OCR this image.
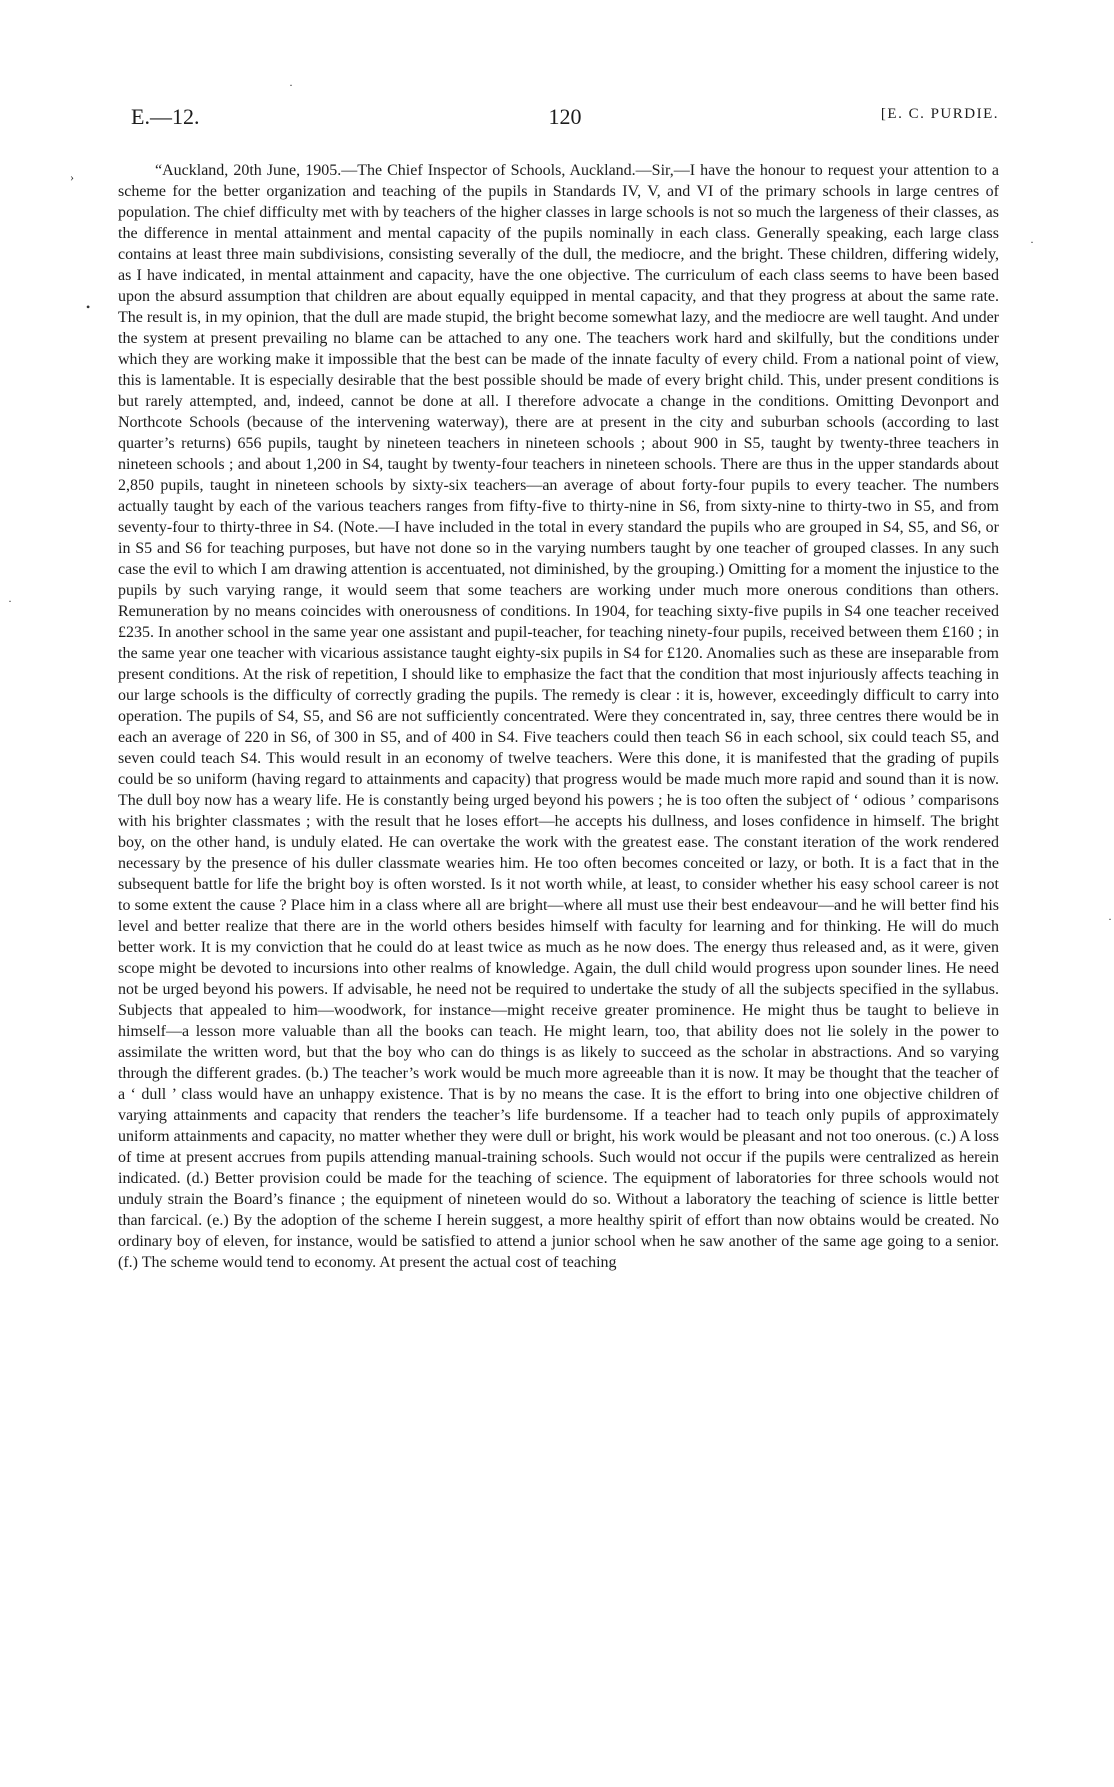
E.—12.	120	[E. C. PURDIE.

“Auckland, 20th June, 1905.—The Chief Inspector of Schools, Auckland.—Sir,—I have the honour to request your attention to a scheme for the better organization and teaching of the pupils in Standards IV, V, and VI of the primary schools in large centres of population. The chief difficulty met with by teachers of the higher classes in large schools is not so much the largeness of their classes, as the difference in mental attainment and mental capacity of the pupils nominally in each class. Generally speaking, each large class contains at least three main subdivisions, consisting severally of the dull, the mediocre, and the bright. These children, differing widely, as I have indicated, in mental attainment and capacity, have the one objective. The curriculum of each class seems to have been based upon the absurd assumption that children are about equally equipped in mental capacity, and that they progress at about the same rate. The result is, in my opinion, that the dull are made stupid, the bright become somewhat lazy, and the mediocre are well taught. And under the system at present prevailing no blame can be attached to any one. The teachers work hard and skilfully, but the conditions under which they are working make it impossible that the best can be made of the innate faculty of every child. From a national point of view, this is lamentable. It is especially desirable that the best possible should be made of every bright child. This, under present conditions is but rarely attempted, and, indeed, cannot be done at all. I therefore advocate a change in the conditions. Omitting Devonport and Northcote Schools (because of the intervening waterway), there are at present in the city and suburban schools (according to last quarter’s returns) 656 pupils, taught by nineteen teachers in nineteen schools ; about 900 in S5, taught by twenty-three teachers in nineteen schools ; and about 1,200 in S4, taught by twenty-four teachers in nineteen schools. There are thus in the upper standards about 2,850 pupils, taught in nineteen schools by sixty-six teachers—an average of about forty-four pupils to every teacher. The numbers actually taught by each of the various teachers ranges from fifty-five to thirty-nine in S6, from sixty-nine to thirty-two in S5, and from seventy-four to thirty-three in S4. (Note.—I have included in the total in every standard the pupils who are grouped in S4, S5, and S6, or in S5 and S6 for teaching purposes, but have not done so in the varying numbers taught by one teacher of grouped classes. In any such case the evil to which I am drawing attention is accentuated, not diminished, by the grouping.) Omitting for a moment the injustice to the pupils by such varying range, it would seem that some teachers are working under much more onerous conditions than others. Remuneration by no means coincides with onerousness of conditions. In 1904, for teaching sixty-five pupils in S4 one teacher received £235. In another school in the same year one assistant and pupil-teacher, for teaching ninety-four pupils, received between them £160 ; in the same year one teacher with vicarious assistance taught eighty-six pupils in S4 for £120. Anomalies such as these are inseparable from present conditions. At the risk of repetition, I should like to emphasize the fact that the condition that most injuriously affects teaching in our large schools is the difficulty of correctly grading the pupils. The remedy is clear : it is, however, exceedingly difficult to carry into operation. The pupils of S4, S5, and S6 are not sufficiently concentrated. Were they concentrated in, say, three centres there would be in each an average of 220 in S6, of 300 in S5, and of 400 in S4. Five teachers could then teach S6 in each school, six could teach S5, and seven could teach S4. This would result in an economy of twelve teachers. Were this done, it is manifested that the grading of pupils could be so uniform (having regard to attainments and capacity) that progress would be made much more rapid and sound than it is now. The dull boy now has a weary life. He is constantly being urged beyond his powers ; he is too often the subject of ‘ odious ’ comparisons with his brighter classmates ; with the result that he loses effort—he accepts his dullness, and loses confidence in himself. The bright boy, on the other hand, is unduly elated. He can overtake the work with the greatest ease. The constant iteration of the work rendered necessary by the presence of his duller classmate wearies him. He too often becomes conceited or lazy, or both. It is a fact that in the subsequent battle for life the bright boy is often worsted. Is it not worth while, at least, to consider whether his easy school career is not to some extent the cause ? Place him in a class where all are bright—where all must use their best endeavour—and he will better find his level and better realize that there are in the world others besides himself with faculty for learning and for thinking. He will do much better work. It is my conviction that he could do at least twice as much as he now does. The energy thus released and, as it were, given scope might be devoted to incursions into other realms of knowledge. Again, the dull child would progress upon sounder lines. He need not be urged beyond his powers. If advisable, he need not be required to undertake the study of all the subjects specified in the syllabus. Subjects that appealed to him—woodwork, for instance—might receive greater prominence. He might thus be taught to believe in himself—a lesson more valuable than all the books can teach. He might learn, too, that ability does not lie solely in the power to assimilate the written word, but that the boy who can do things is as likely to succeed as the scholar in abstractions. And so varying through the different grades. (b.) The teacher’s work would be much more agreeable than it is now. It may be thought that the teacher of a ‘ dull ’ class would have an unhappy existence. That is by no means the case. It is the effort to bring into one objective children of varying attainments and capacity that renders the teacher’s life burdensome. If a teacher had to teach only pupils of approximately uniform attainments and capacity, no matter whether they were dull or bright, his work would be pleasant and not too onerous. (c.) A loss of time at present accrues from pupils attending manual-training schools. Such would not occur if the pupils were centralized as herein indicated. (d.) Better provision could be made for the teaching of science. The equipment of laboratories for three schools would not unduly strain the Board’s finance ; the equipment of nineteen would do so. Without a laboratory the teaching of science is little better than farcical. (e.) By the adoption of the scheme I herein suggest, a more healthy spirit of effort than now obtains would be created. No ordinary boy of eleven, for instance, would be satisfied to attend a junior school when he saw another of the same age going to a senior. (f.) The scheme would tend to economy. At present the actual cost of teaching

·
›
•
·
·
·
